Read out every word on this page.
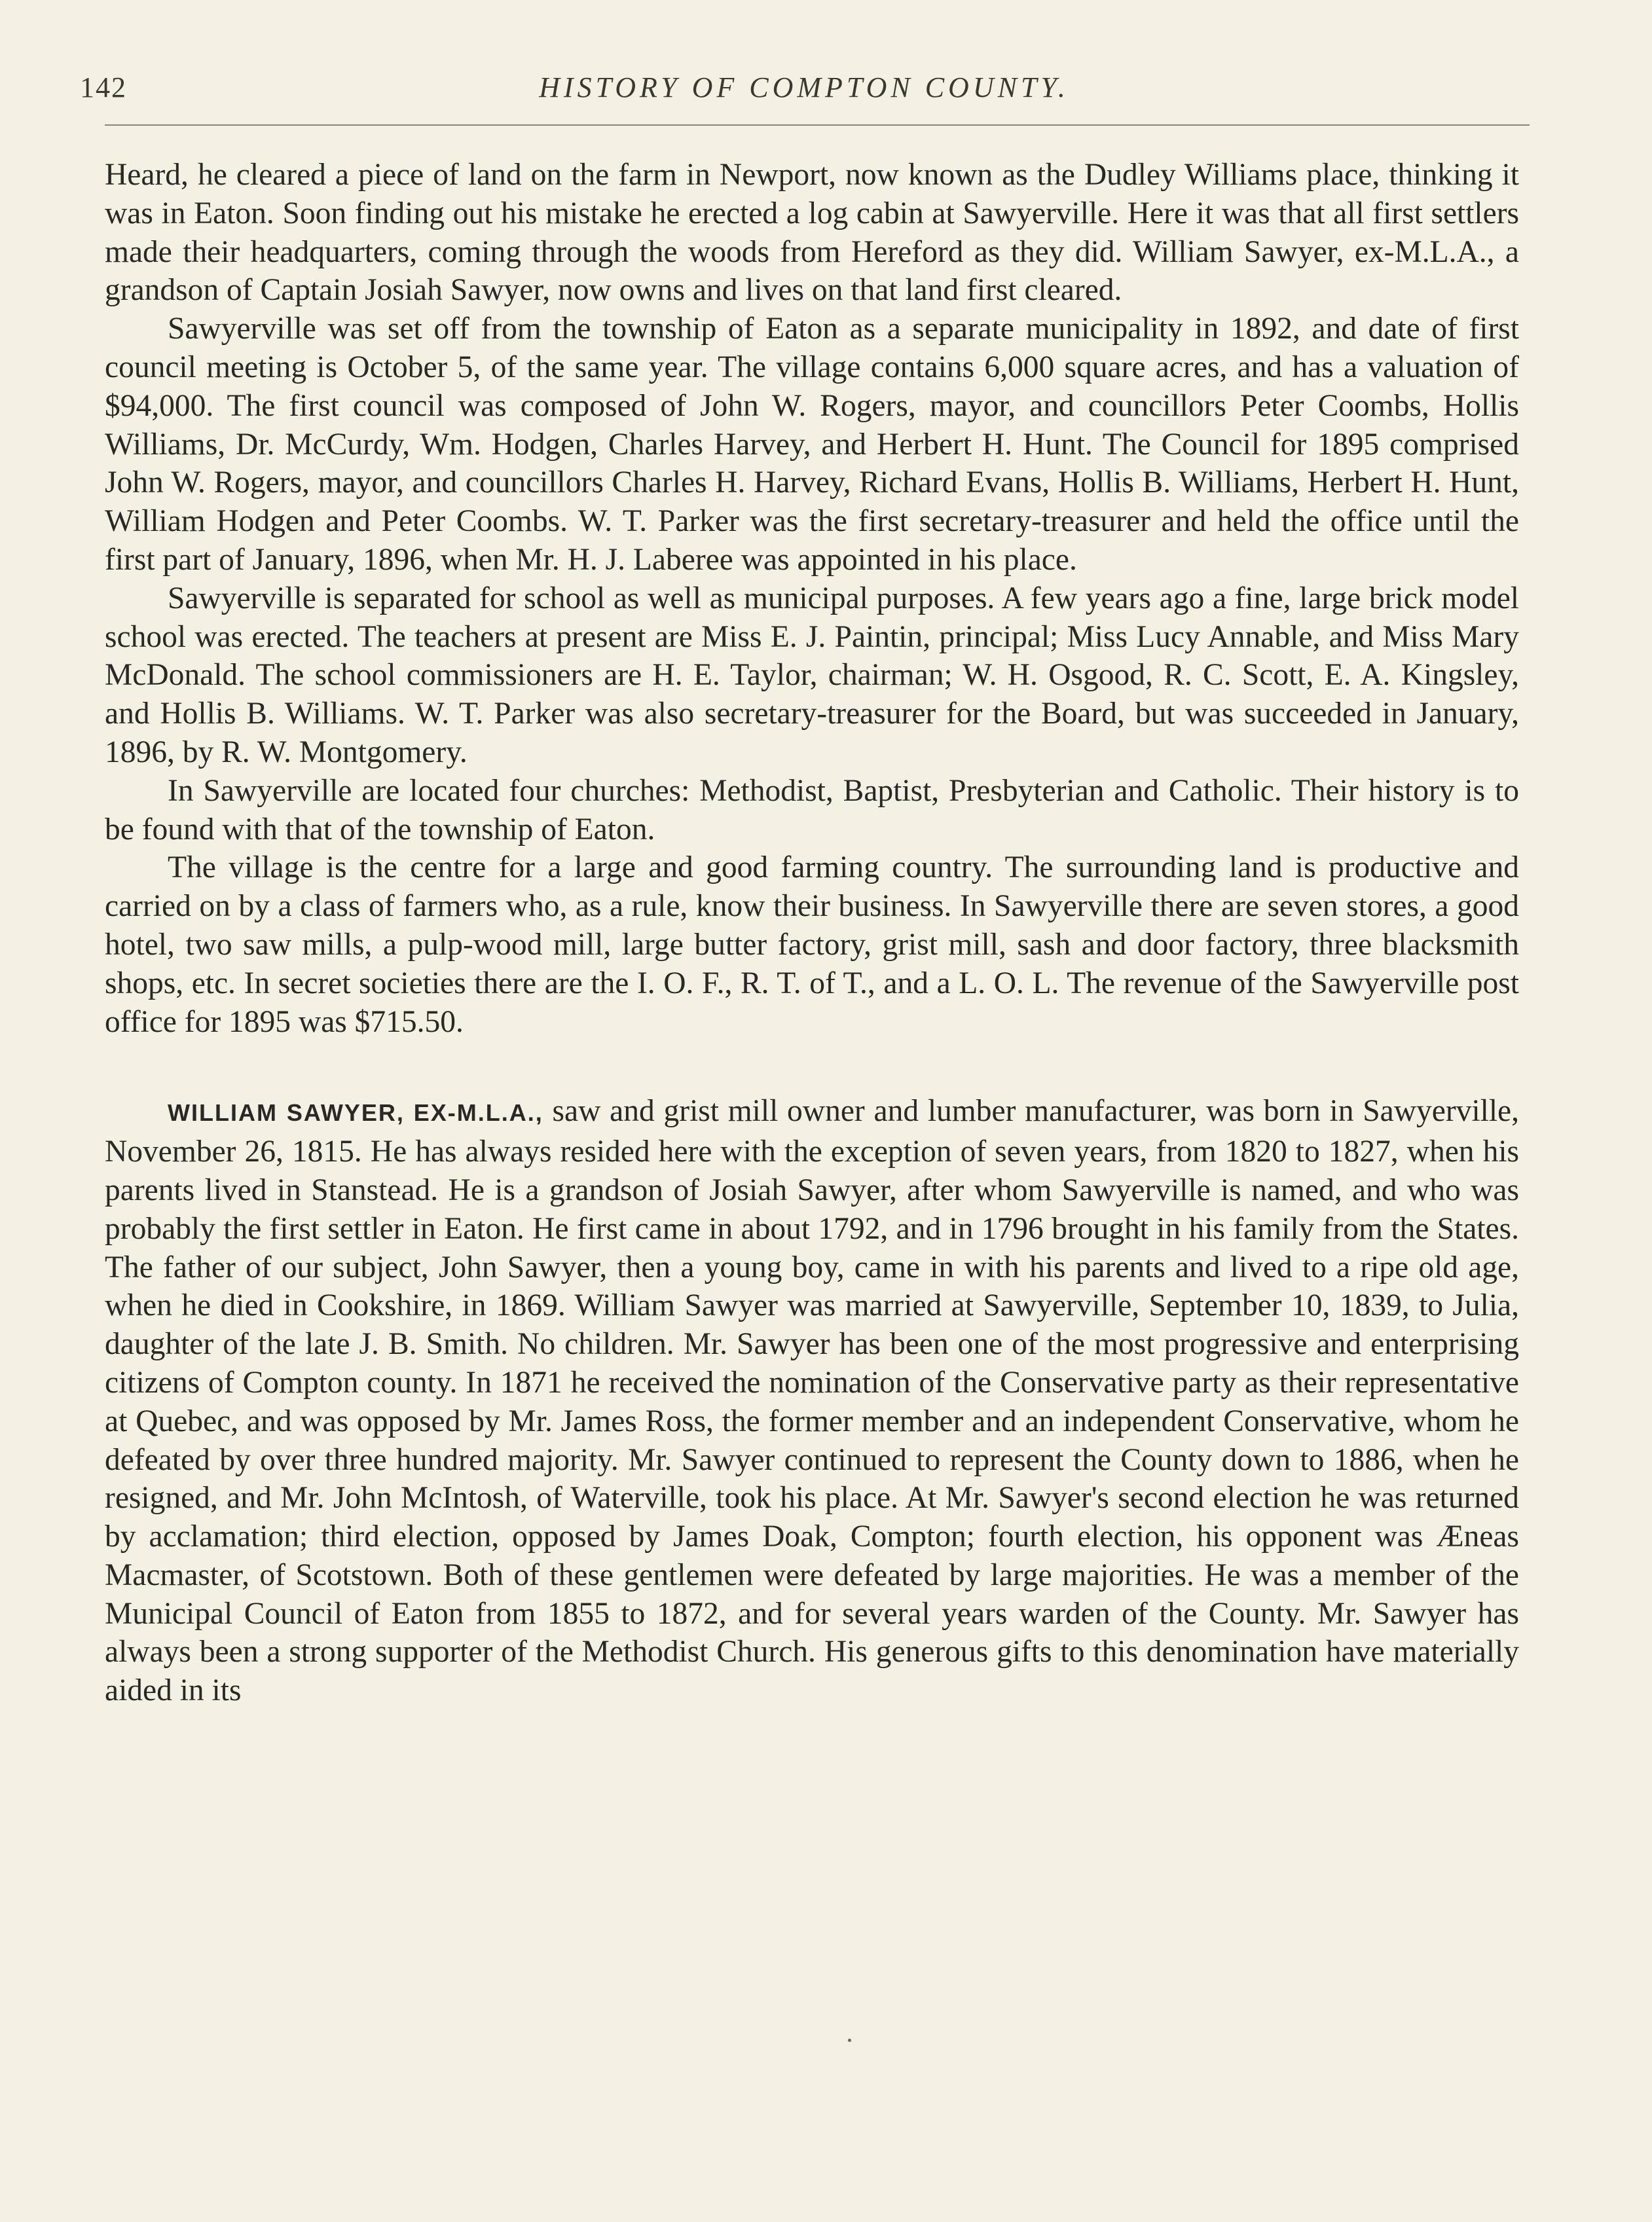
142	HISTORY OF COMPTON COUNTY.

Heard, he cleared a piece of land on the farm in Newport, now known as the Dudley Williams place, thinking it was in Eaton. Soon finding out his mistake he erected a log cabin at Sawyerville. Here it was that all first settlers made their headquarters, coming through the woods from Hereford as they did. William Sawyer, ex-M.L.A., a grandson of Captain Josiah Sawyer, now owns and lives on that land first cleared.

Sawyerville was set off from the township of Eaton as a separate municipality in 1892, and date of first council meeting is October 5, of the same year. The village contains 6,000 square acres, and has a valuation of $94,000. The first council was composed of John W. Rogers, mayor, and councillors Peter Coombs, Hollis Williams, Dr. McCurdy, Wm. Hodgen, Charles Harvey, and Herbert H. Hunt. The Council for 1895 comprised John W. Rogers, mayor, and councillors Charles H. Harvey, Richard Evans, Hollis B. Williams, Herbert H. Hunt, William Hodgen and Peter Coombs. W. T. Parker was the first secretary-treasurer and held the office until the first part of January, 1896, when Mr. H. J. Laberee was appointed in his place.

Sawyerville is separated for school as well as municipal purposes. A few years ago a fine, large brick model school was erected. The teachers at present are Miss E. J. Paintin, principal; Miss Lucy Annable, and Miss Mary McDonald. The school commissioners are H. E. Taylor, chairman; W. H. Osgood, R. C. Scott, E. A. Kingsley, and Hollis B. Williams. W. T. Parker was also secretary-treasurer for the Board, but was succeeded in January, 1896, by R. W. Montgomery.

In Sawyerville are located four churches: Methodist, Baptist, Presbyterian and Catholic. Their history is to be found with that of the township of Eaton.

The village is the centre for a large and good farming country. The surrounding land is productive and carried on by a class of farmers who, as a rule, know their business. In Sawyerville there are seven stores, a good hotel, two saw mills, a pulp-wood mill, large butter factory, grist mill, sash and door factory, three blacksmith shops, etc. In secret societies there are the I. O. F., R. T. of T., and a L. O. L. The revenue of the Sawyerville post office for 1895 was $715.50.

WILLIAM SAWYER, EX-M.L.A., saw and grist mill owner and lumber manufacturer, was born in Sawyerville, November 26, 1815. He has always resided here with the exception of seven years, from 1820 to 1827, when his parents lived in Stanstead. He is a grandson of Josiah Sawyer, after whom Sawyerville is named, and who was probably the first settler in Eaton. He first came in about 1792, and in 1796 brought in his family from the States. The father of our subject, John Sawyer, then a young boy, came in with his parents and lived to a ripe old age, when he died in Cookshire, in 1869. William Sawyer was married at Sawyerville, September 10, 1839, to Julia, daughter of the late J. B. Smith. No children. Mr. Sawyer has been one of the most progressive and enterprising citizens of Compton county. In 1871 he received the nomination of the Conservative party as their representative at Quebec, and was opposed by Mr. James Ross, the former member and an independent Conservative, whom he defeated by over three hundred majority. Mr. Sawyer continued to represent the County down to 1886, when he resigned, and Mr. John McIntosh, of Waterville, took his place. At Mr. Sawyer's second election he was returned by acclamation; third election, opposed by James Doak, Compton; fourth election, his opponent was Æneas Macmaster, of Scotstown. Both of these gentlemen were defeated by large majorities. He was a member of the Municipal Council of Eaton from 1855 to 1872, and for several years warden of the County. Mr. Sawyer has always been a strong supporter of the Methodist Church. His generous gifts to this denomination have materially aided in its
